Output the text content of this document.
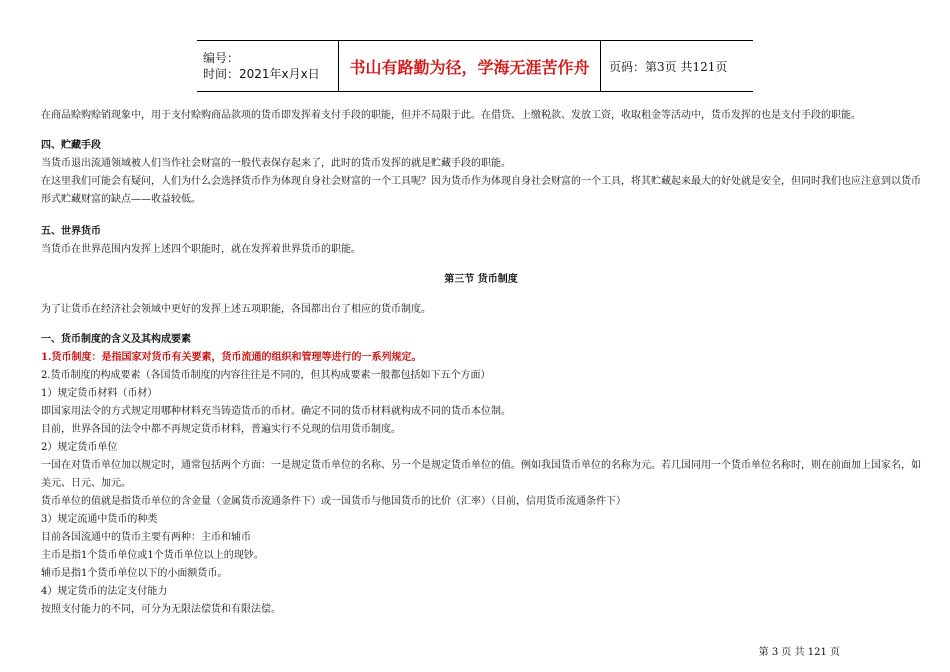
编号：
时间：2021年x月x日 书山有路勤为径，学海无涯苦作舟 页码：第3页 共121页

在商品赊购赊销现象中，用于支付赊购商品款项的货币即发挥着支付手段的职能，但并不局限于此。在借贷、上缴税款、发放工资，收取租金等活动中，货币发挥的也是支付手段的职能。

四、贮藏手段

当货币退出流通领域被人们当作社会财富的一般代表保存起来了，此时的货币发挥的就是贮藏手段的职能。

在这里我们可能会有疑问，人们为什么会选择货币作为体现自身社会财富的一个工具呢？因为货币作为体现自身社会财富的一个工具，将其贮藏起来最大的好处就是安全，但同时我们也应注意到以货币形式贮藏财富的缺点——收益较低。

五、世界货币

当货币在世界范围内发挥上述四个职能时，就在发挥着世界货币的职能。

第三节 货币制度

为了让货币在经济社会领域中更好的发挥上述五项职能，各国都出台了相应的货币制度。

一、货币制度的含义及其构成要素

1.货币制度：是指国家对货币有关要素，货币流通的组织和管理等进行的一系列规定。

2.货币制度的构成要素（各国货币制度的内容往往是不同的，但其构成要素一般都包括如下五个方面）

1）规定货币材料（币材）

即国家用法令的方式规定用哪种材料充当铸造货币的币材。确定不同的货币材料就构成不同的货币本位制。

目前，世界各国的法令中都不再规定货币材料，普遍实行不兑现的信用货币制度。

2）规定货币单位

一国在对货币单位加以规定时，通常包括两个方面：一是规定货币单位的名称、另一个是规定货币单位的值。例如我国货币单位的名称为元。若几国同用一个货币单位名称时，则在前面加上国家名，如美元、日元、加元。

货币单位的值就是指货币单位的含金量（金属货币流通条件下）或一国货币与他国货币的比价（汇率）（目前，信用货币流通条件下）

3）规定流通中货币的种类

目前各国流通中的货币主要有两种：主币和辅币

主币是指1个货币单位或1个货币单位以上的现钞。

辅币是指1个货币单位以下的小面额货币。

4）规定货币的法定支付能力

按照支付能力的不同，可分为无限法偿货和有限法偿。

第 3 页 共 121 页
